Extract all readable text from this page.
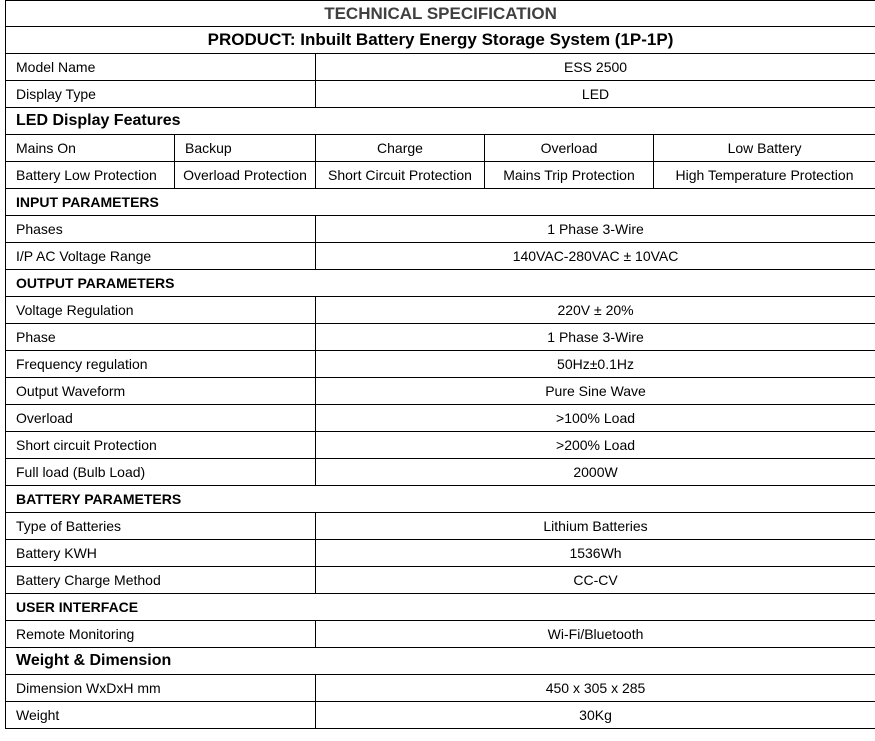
TECHNICAL SPECIFICATION				
PRODUCT: Inbuilt Battery Energy Storage System (1P-1P)				
Model Name		ESS 2500		
Display Type		LED		
LED Display Features				
Mains On	Backup	Charge	Overload	Low Battery
Battery Low Protection	Overload Protection	Short Circuit Protection	Mains Trip Protection	High Temperature Protection
INPUT PARAMETERS				
Phases		1 Phase 3-Wire		
I/P AC Voltage Range		140VAC-280VAC ± 10VAC		
OUTPUT PARAMETERS				
Voltage Regulation		220V ± 20%		
Phase		1 Phase 3-Wire		
Frequency regulation		50Hz±0.1Hz		
Output Waveform		Pure Sine Wave		
Overload		>100% Load		
Short circuit Protection		>200% Load		
Full load (Bulb Load)		2000W		
BATTERY PARAMETERS				
Type of Batteries		Lithium Batteries		
Battery KWH		1536Wh		
Battery Charge Method		CC-CV		
USER INTERFACE				
Remote Monitoring		Wi-Fi/Bluetooth		
Weight & Dimension				
Dimension WxDxH mm		450 x 305 x 285		
Weight		30Kg		
